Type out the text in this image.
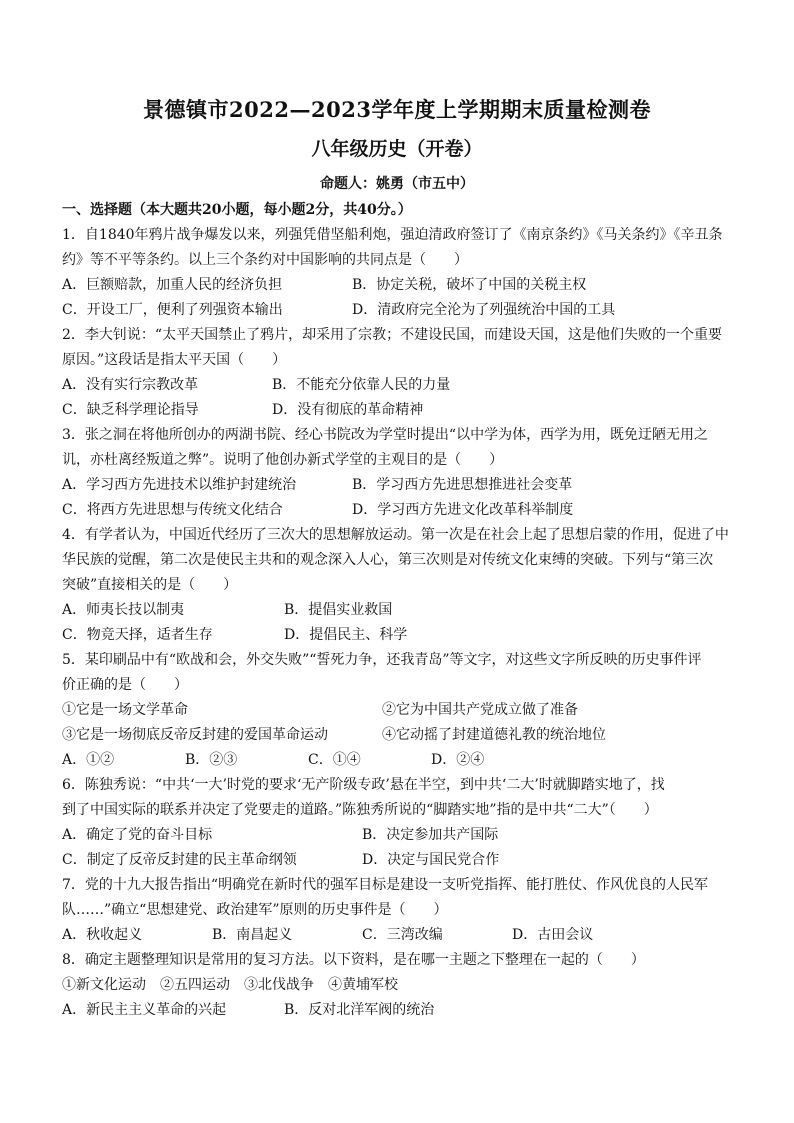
景德镇市2022—2023学年度上学期期末质量检测卷
八年级历史（开卷）
命题人：姚勇（市五中）
一、选择题（本大题共20小题，每小题2分，共40分。）
1．自1840年鸦片战争爆发以来，列强凭借坚船利炮，强迫清政府签订了《南京条约》《马关条约》《辛丑条
约》等不平等条约。以上三个条约对中国影响的共同点是（　　）
A．巨额赔款，加重人民的经济负担	B．协定关税，破坏了中国的关税主权
C．开设工厂，便利了列强资本输出	D．清政府完全沦为了列强统治中国的工具
2．李大钊说：“太平天国禁止了鸦片，却采用了宗教；不建设民国，而建设天国，这是他们失败的一个重要
原因。”这段话是指太平天国（　　）
A．没有实行宗教改革	B．不能充分依靠人民的力量
C．缺乏科学理论指导	D．没有彻底的革命精神
3．张之洞在将他所创办的两湖书院、经心书院改为学堂时提出“以中学为体，西学为用，既免迂陋无用之
讥，亦杜离经叛道之弊”。说明了他创办新式学堂的主观目的是（　　）
A．学习西方先进技术以维护封建统治	B．学习西方先进思想推进社会变革
C．将西方先进思想与传统文化结合	D．学习西方先进文化改革科举制度
4．有学者认为，中国近代经历了三次大的思想解放运动。第一次是在社会上起了思想启蒙的作用，促进了中
华民族的觉醒，第二次是使民主共和的观念深入人心，第三次则是对传统文化束缚的突破。下列与“第三次
突破”直接相关的是（　　）
A．师夷长技以制夷	B．提倡实业救国
C．物竞天择，适者生存	D．提倡民主、科学
5．某印刷品中有“欧战和会，外交失败”“誓死力争，还我青岛”等文字，对这些文字所反映的历史事件评
价正确的是（　　）
①它是一场文学革命	②它为中国共产党成立做了准备
③它是一场彻底反帝反封建的爱国革命运动	④它动摇了封建道德礼教的统治地位
A．①②	B．②③	C．①④	D．②④
6．陈独秀说：“中共‘一大’时党的要求‘无产阶级专政’悬在半空，到中共‘二大’时就脚踏实地了，找
到了中国实际的联系并决定了党要走的道路。”陈独秀所说的“脚踏实地”指的是中共“二大”（　　）
A．确定了党的奋斗目标	B．决定参加共产国际
C．制定了反帝反封建的民主革命纲领	D．决定与国民党合作
7．党的十九大报告指出“明确党在新时代的强军目标是建设一支听党指挥、能打胜仗、作风优良的人民军
队……”确立“思想建党、政治建军”原则的历史事件是（　　）
A．秋收起义	B．南昌起义	C．三湾改编	D．古田会议
8．确定主题整理知识是常用的复习方法。以下资料，是在哪一主题之下整理在一起的（　　）
①新文化运动　②五四运动　③北伐战争　④黄埔军校
A．新民主主义革命的兴起	B．反对北洋军阀的统治
